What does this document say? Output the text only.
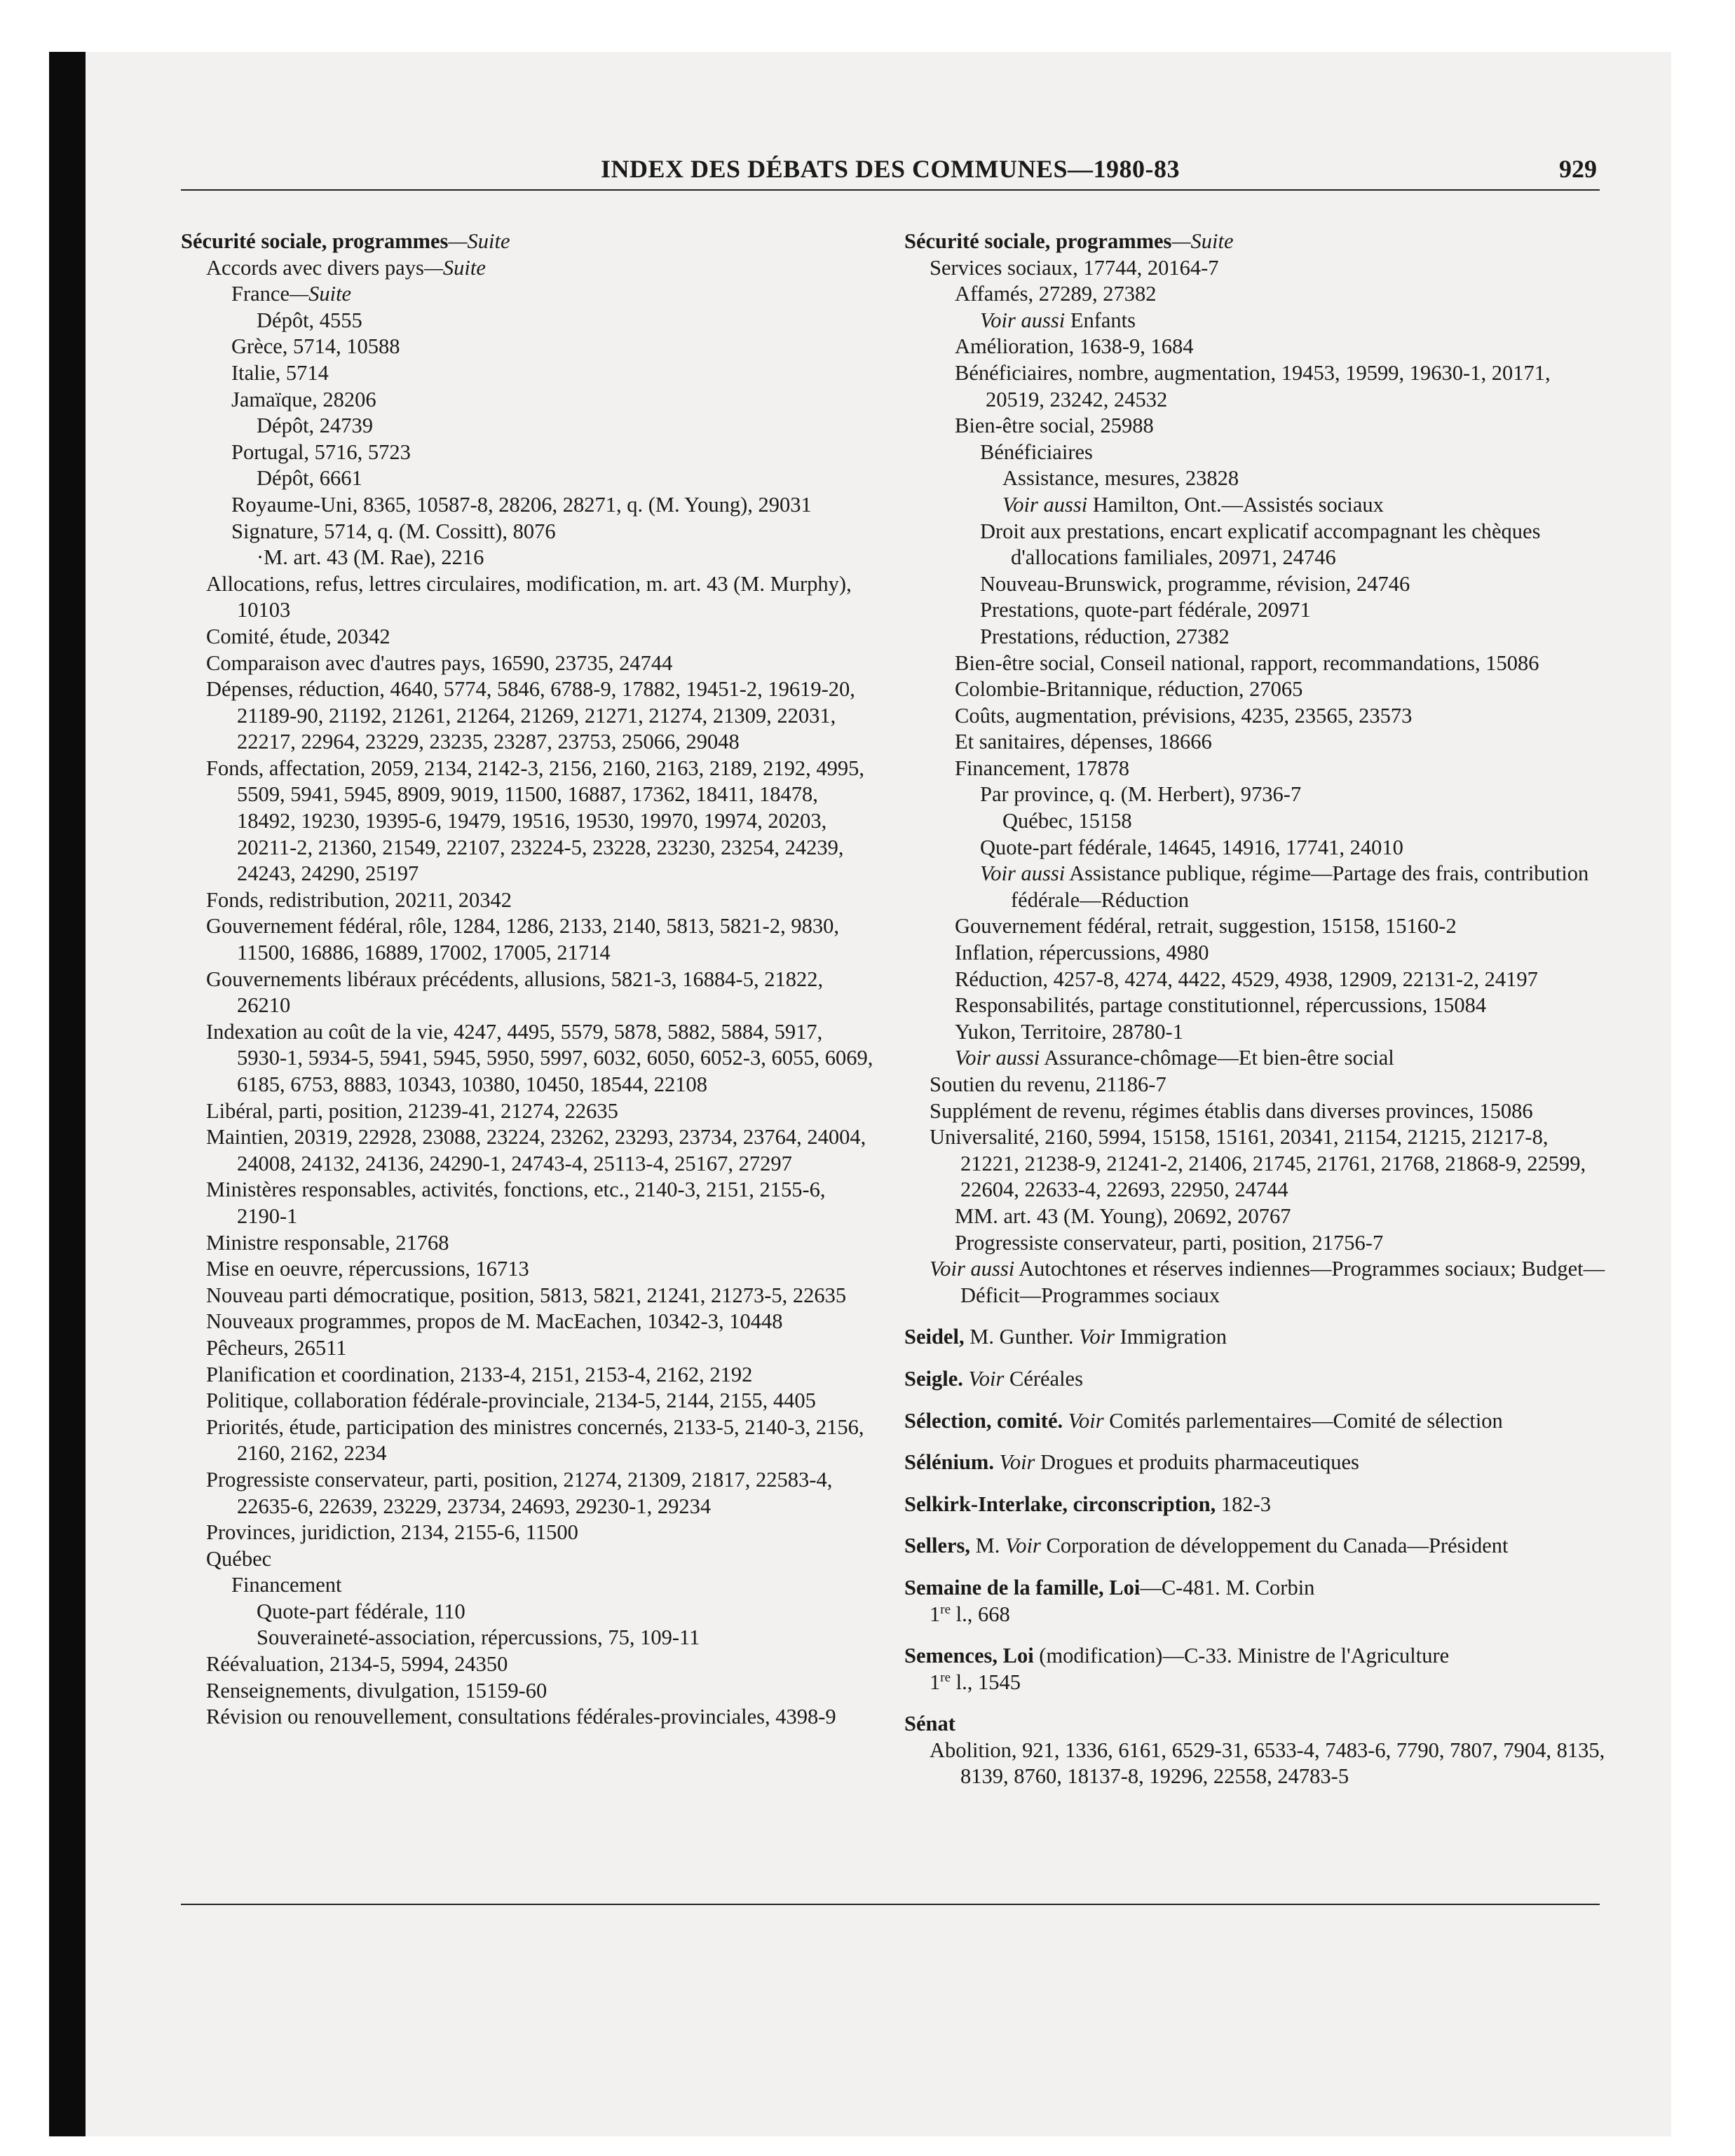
INDEX DES DÉBATS DES COMMUNES—1980-83	929
Sécurité sociale, programmes—Suite
Accords avec divers pays—Suite
France—Suite
Dépôt, 4555
Grèce, 5714, 10588
Italie, 5714
Jamaïque, 28206
Dépôt, 24739
Portugal, 5716, 5723
Dépôt, 6661
Royaume-Uni, 8365, 10587-8, 28206, 28271, q. (M. Young), 29031
Signature, 5714, q. (M. Cossitt), 8076
·M. art. 43 (M. Rae), 2216
Allocations, refus, lettres circulaires, modification, m. art. 43 (M. Murphy), 10103
Comité, étude, 20342
Comparaison avec d'autres pays, 16590, 23735, 24744
Dépenses, réduction, 4640, 5774, 5846, 6788-9, 17882, 19451-2, 19619-20, 21189-90, 21192, 21261, 21264, 21269, 21271, 21274, 21309, 22031, 22217, 22964, 23229, 23235, 23287, 23753, 25066, 29048
Fonds, affectation, 2059, 2134, 2142-3, 2156, 2160, 2163, 2189, 2192, 4995, 5509, 5941, 5945, 8909, 9019, 11500, 16887, 17362, 18411, 18478, 18492, 19230, 19395-6, 19479, 19516, 19530, 19970, 19974, 20203, 20211-2, 21360, 21549, 22107, 23224-5, 23228, 23230, 23254, 24239, 24243, 24290, 25197
Fonds, redistribution, 20211, 20342
Gouvernement fédéral, rôle, 1284, 1286, 2133, 2140, 5813, 5821-2, 9830, 11500, 16886, 16889, 17002, 17005, 21714
Gouvernements libéraux précédents, allusions, 5821-3, 16884-5, 21822, 26210
Indexation au coût de la vie, 4247, 4495, 5579, 5878, 5882, 5884, 5917, 5930-1, 5934-5, 5941, 5945, 5950, 5997, 6032, 6050, 6052-3, 6055, 6069, 6185, 6753, 8883, 10343, 10380, 10450, 18544, 22108
Libéral, parti, position, 21239-41, 21274, 22635
Maintien, 20319, 22928, 23088, 23224, 23262, 23293, 23734, 23764, 24004, 24008, 24132, 24136, 24290-1, 24743-4, 25113-4, 25167, 27297
Ministères responsables, activités, fonctions, etc., 2140-3, 2151, 2155-6, 2190-1
Ministre responsable, 21768
Mise en oeuvre, répercussions, 16713
Nouveau parti démocratique, position, 5813, 5821, 21241, 21273-5, 22635
Nouveaux programmes, propos de M. MacEachen, 10342-3, 10448
Pêcheurs, 26511
Planification et coordination, 2133-4, 2151, 2153-4, 2162, 2192
Politique, collaboration fédérale-provinciale, 2134-5, 2144, 2155, 4405
Priorités, étude, participation des ministres concernés, 2133-5, 2140-3, 2156, 2160, 2162, 2234
Progressiste conservateur, parti, position, 21274, 21309, 21817, 22583-4, 22635-6, 22639, 23229, 23734, 24693, 29230-1, 29234
Provinces, juridiction, 2134, 2155-6, 11500
Québec
Financement
Quote-part fédérale, 110
Souveraineté-association, répercussions, 75, 109-11
Réévaluation, 2134-5, 5994, 24350
Renseignements, divulgation, 15159-60
Révision ou renouvellement, consultations fédérales-provinciales, 4398-9
Sécurité sociale, programmes—Suite
Services sociaux, 17744, 20164-7
Affamés, 27289, 27382
Voir aussi Enfants
Amélioration, 1638-9, 1684
Bénéficiaires, nombre, augmentation, 19453, 19599, 19630-1, 20171, 20519, 23242, 24532
Bien-être social, 25988
Bénéficiaires
Assistance, mesures, 23828
Voir aussi Hamilton, Ont.—Assistés sociaux
Droit aux prestations, encart explicatif accompagnant les chèques d'allocations familiales, 20971, 24746
Nouveau-Brunswick, programme, révision, 24746
Prestations, quote-part fédérale, 20971
Prestations, réduction, 27382
Bien-être social, Conseil national, rapport, recommandations, 15086
Colombie-Britannique, réduction, 27065
Coûts, augmentation, prévisions, 4235, 23565, 23573
Et sanitaires, dépenses, 18666
Financement, 17878
Par province, q. (M. Herbert), 9736-7
Québec, 15158
Quote-part fédérale, 14645, 14916, 17741, 24010
Voir aussi Assistance publique, régime—Partage des frais, contribution fédérale—Réduction
Gouvernement fédéral, retrait, suggestion, 15158, 15160-2
Inflation, répercussions, 4980
Réduction, 4257-8, 4274, 4422, 4529, 4938, 12909, 22131-2, 24197
Responsabilités, partage constitutionnel, répercussions, 15084
Yukon, Territoire, 28780-1
Voir aussi Assurance-chômage—Et bien-être social
Soutien du revenu, 21186-7
Supplément de revenu, régimes établis dans diverses provinces, 15086
Universalité, 2160, 5994, 15158, 15161, 20341, 21154, 21215, 21217-8, 21221, 21238-9, 21241-2, 21406, 21745, 21761, 21768, 21868-9, 22599, 22604, 22633-4, 22693, 22950, 24744
MM. art. 43 (M. Young), 20692, 20767
Progressiste conservateur, parti, position, 21756-7
Voir aussi Autochtones et réserves indiennes—Programmes sociaux; Budget—Déficit—Programmes sociaux
Seidel, M. Gunther. Voir Immigration
Seigle. Voir Céréales
Sélection, comité. Voir Comités parlementaires—Comité de sélection
Sélénium. Voir Drogues et produits pharmaceutiques
Selkirk-Interlake, circonscription, 182-3
Sellers, M. Voir Corporation de développement du Canada—Président
Semaine de la famille, Loi—C-481. M. Corbin
1re l., 668
Semences, Loi (modification)—C-33. Ministre de l'Agriculture
1re l., 1545
Sénat
Abolition, 921, 1336, 6161, 6529-31, 6533-4, 7483-6, 7790, 7807, 7904, 8135, 8139, 8760, 18137-8, 19296, 22558, 24783-5
